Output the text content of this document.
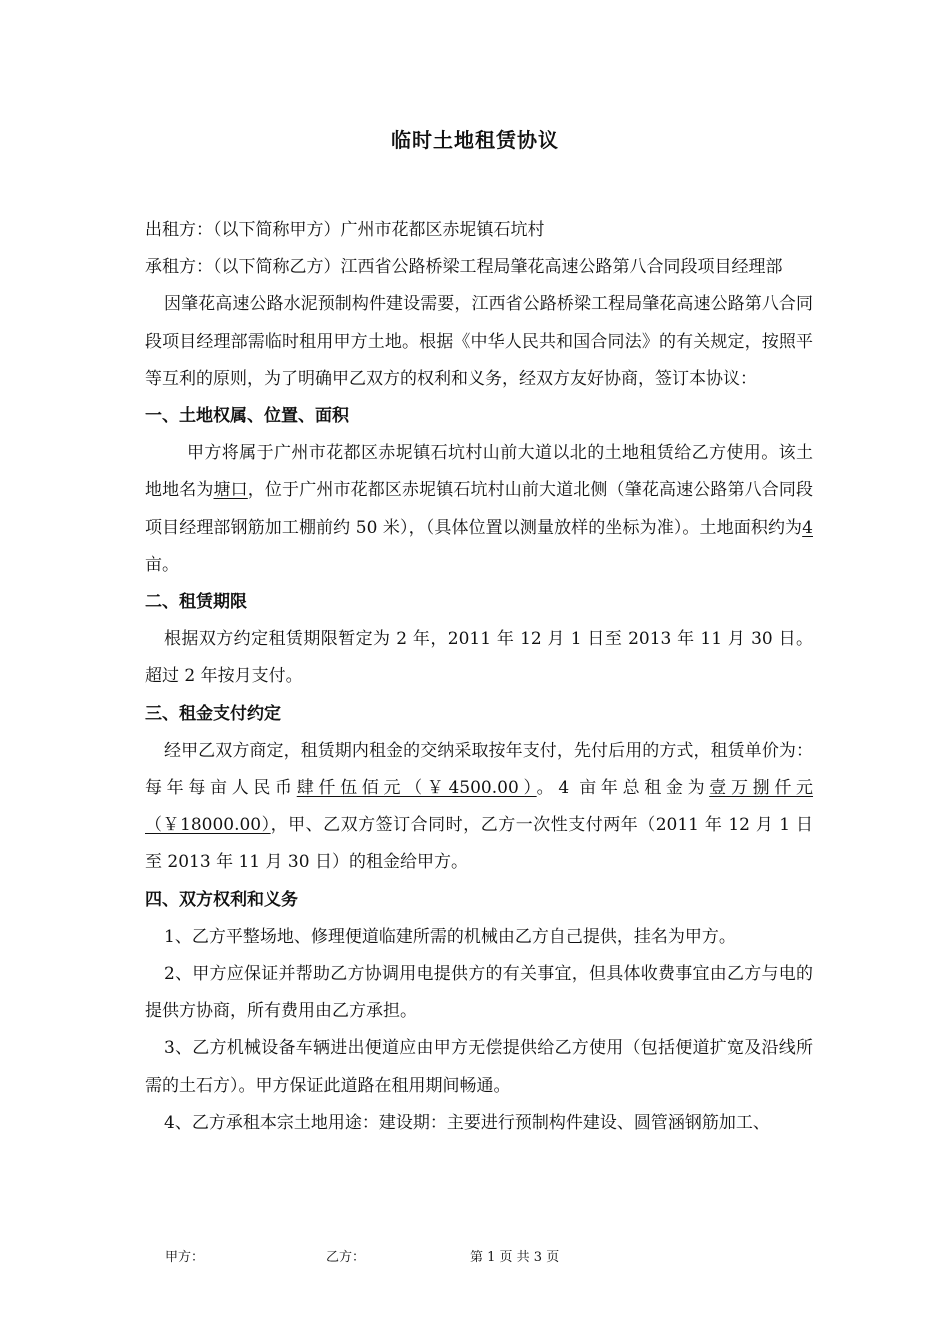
临时土地租赁协议

出租方：（以下简称甲方）广州市花都区赤坭镇石坑村

承租方：（以下简称乙方）江西省公路桥梁工程局肇花高速公路第八合同段项目经理部

因肇花高速公路水泥预制构件建设需要，江西省公路桥梁工程局肇花高速公路第八合同段项目经理部需临时租用甲方土地。根据《中华人民共和国合同法》的有关规定，按照平等互利的原则，为了明确甲乙双方的权利和义务，经双方友好协商，签订本协议：

一、土地权属、位置、面积

甲方将属于广州市花都区赤坭镇石坑村山前大道以北的土地租赁给乙方使用。该土地地名为塘口，位于广州市花都区赤坭镇石坑村山前大道北侧（肇花高速公路第八合同段项目经理部钢筋加工棚前约 50 米），（具体位置以测量放样的坐标为准）。土地面积约为4亩。

二、租赁期限

根据双方约定租赁期限暂定为 2 年，2011 年 12 月 1 日至 2013 年 11 月 30 日。超过 2 年按月支付。

三、租金支付约定

经甲乙双方商定，租赁期内租金的交纳采取按年支付，先付后用的方式，租赁单价为：每年每亩人民币肆仟伍佰元（￥4500.00）。4 亩年总租金为壹万捌仟元（￥18000.00），甲、乙双方签订合同时，乙方一次性支付两年（2011 年 12 月 1 日至 2013 年 11 月 30 日）的租金给甲方。

四、双方权利和义务

1、乙方平整场地、修理便道临建所需的机械由乙方自己提供，挂名为甲方。

2、甲方应保证并帮助乙方协调用电提供方的有关事宜，但具体收费事宜由乙方与电的提供方协商，所有费用由乙方承担。

3、乙方机械设备车辆进出便道应由甲方无偿提供给乙方使用（包括便道扩宽及沿线所需的土石方）。甲方保证此道路在租用期间畅通。

4、乙方承租本宗土地用途：建设期：主要进行预制构件建设、圆管涵钢筋加工、

甲方：	乙方：	第 1 页 共 3 页
